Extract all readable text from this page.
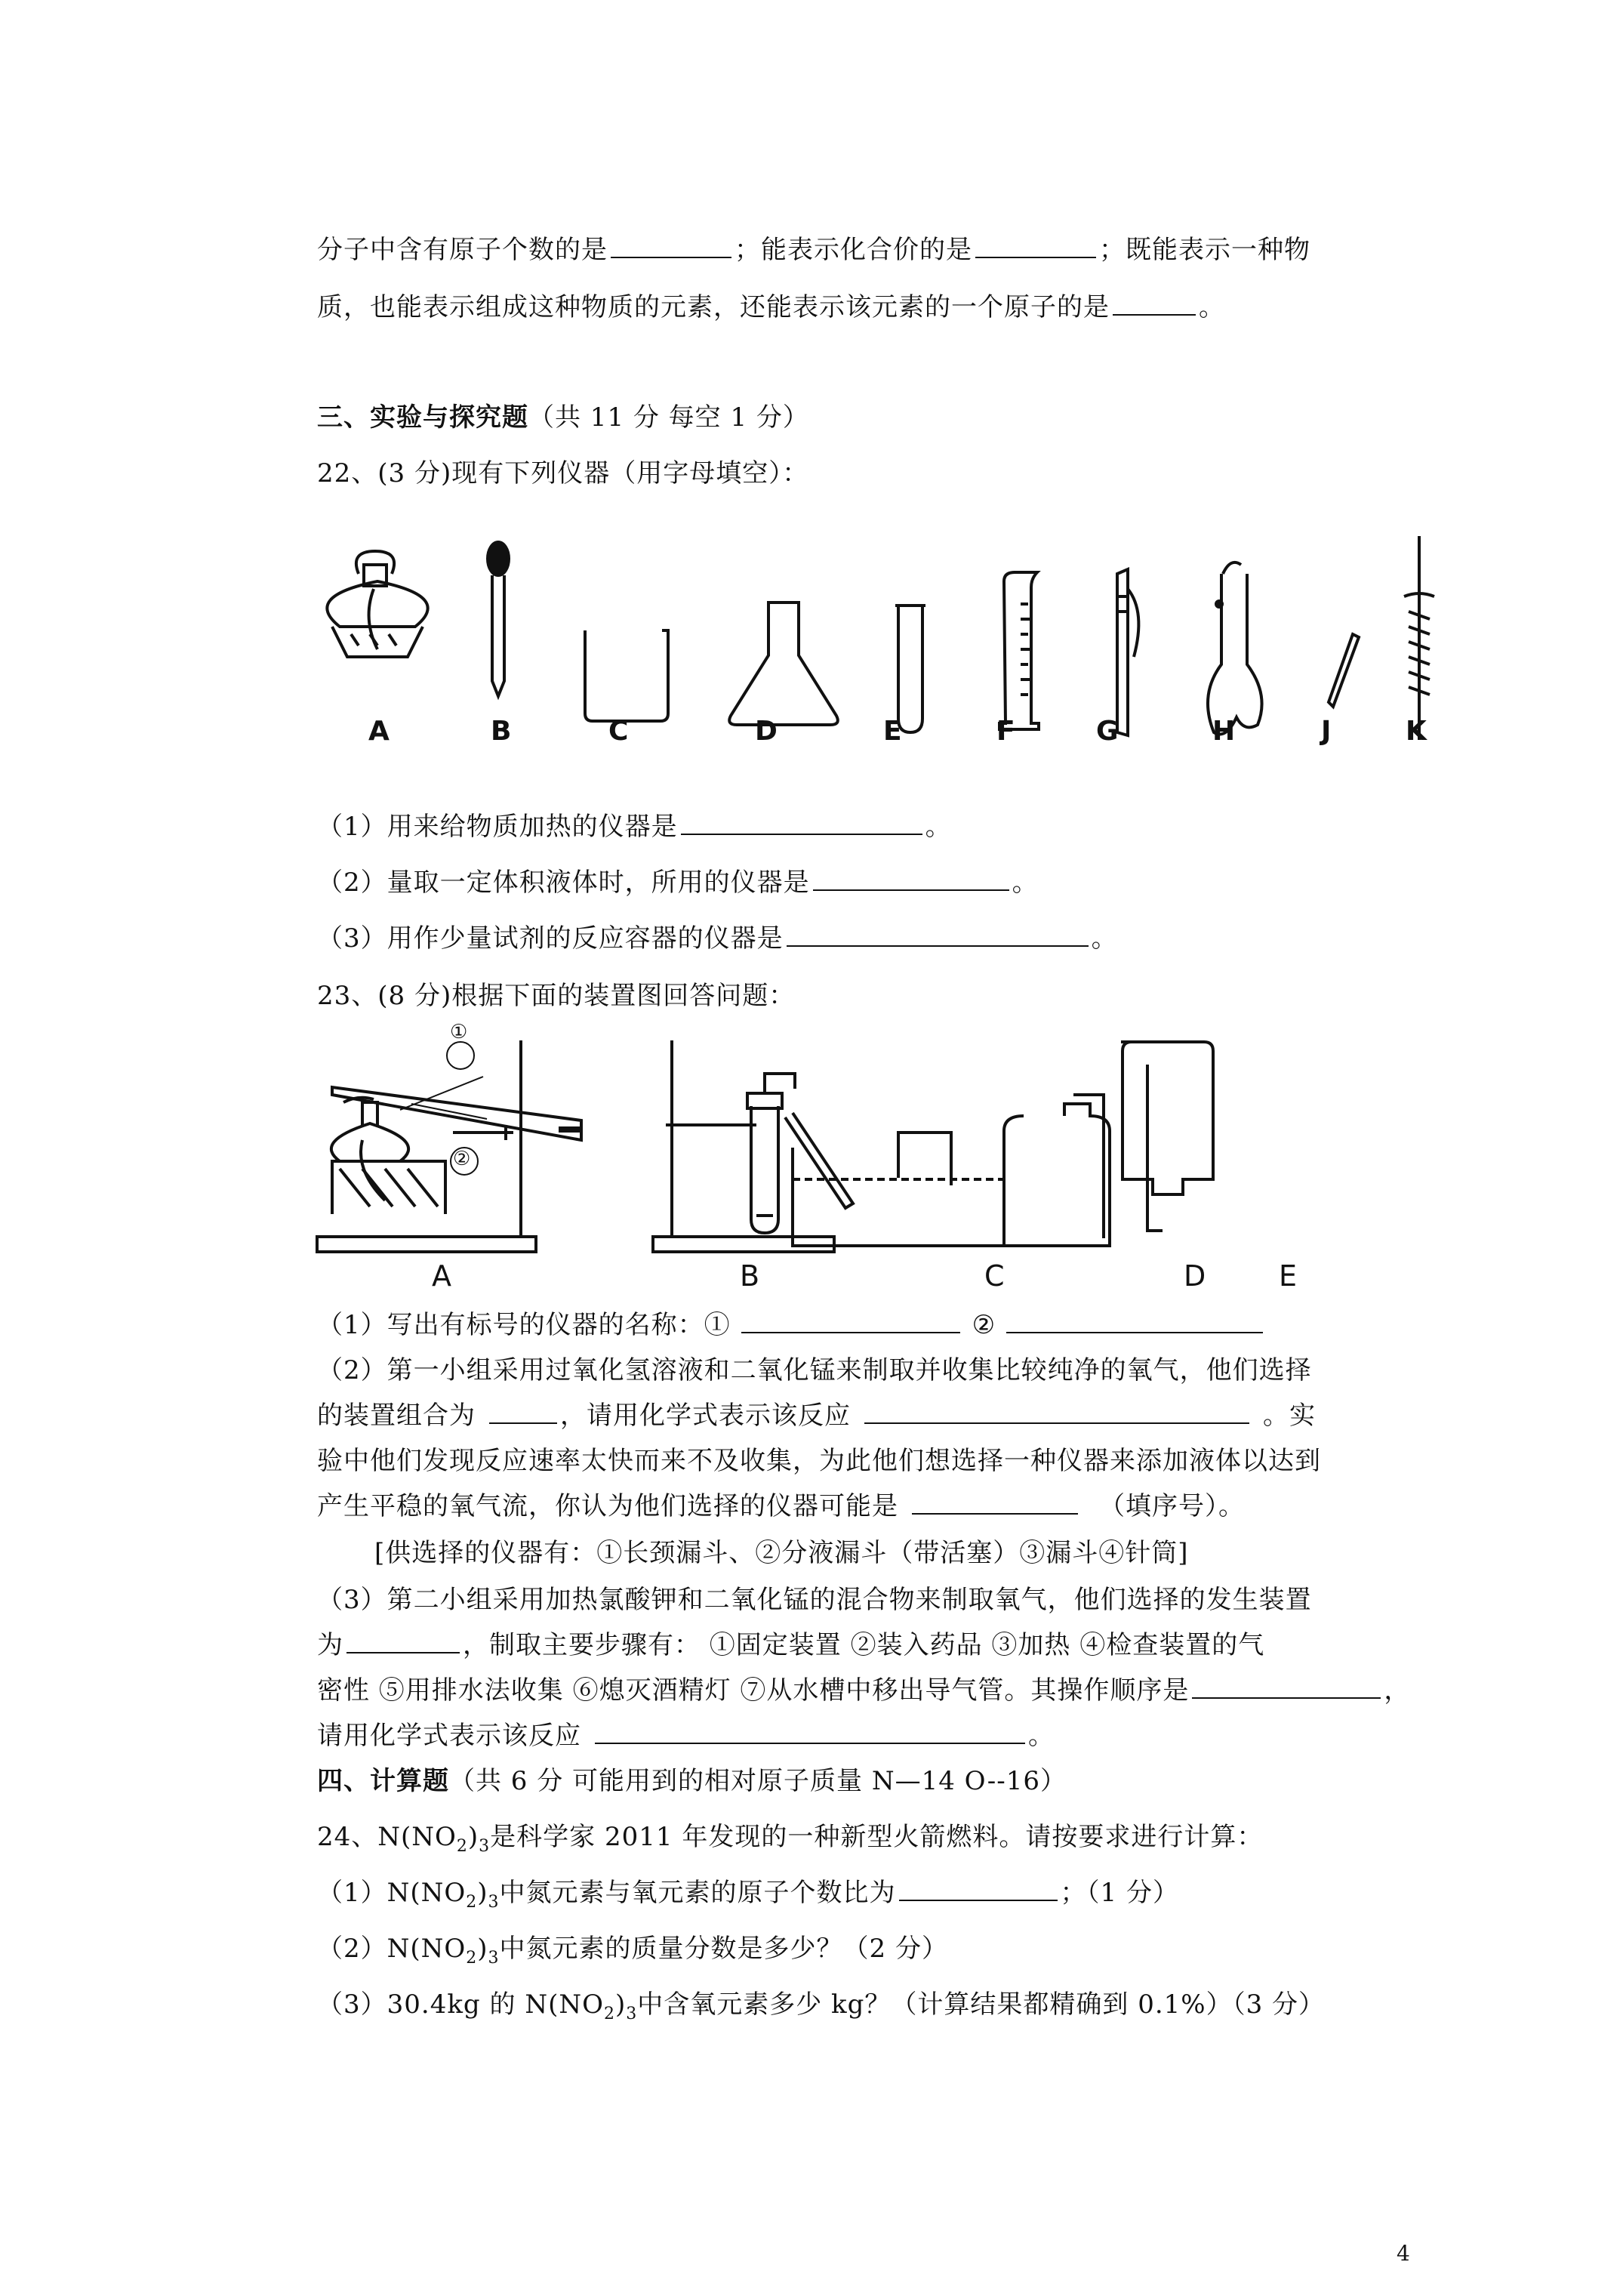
分子中含有原子个数的是	；能表示化合价的是	；既能表示一种物
质，也能表示组成这种物质的元素，还能表示该元素的一个原子的是	。
三、实验与探究题（共 11 分 每空 1 分）
22、(3 分)现有下列仪器（用字母填空）：
A	B	C	D	E	F	G	H	J	K
（1）用来给物质加热的仪器是	。
（2）量取一定体积液体时，所用的仪器是	。
（3）用作少量试剂的反应容器的仪器是	。
23、(8 分)根据下面的装置图回答问题：
①
②
A	B	C	D	E
（1）写出有标号的仪器的名称：①	②
（2）第一小组采用过氧化氢溶液和二氧化锰来制取并收集比较纯净的氧气，他们选择
的装置组合为	，请用化学式表示该反应	。实
验中他们发现反应速率太快而来不及收集，为此他们想选择一种仪器来添加液体以达到
产生平稳的氧气流，你认为他们选择的仪器可能是	（填序号）。
[供选择的仪器有：①长颈漏斗、②分液漏斗（带活塞）③漏斗④针筒]
（3）第二小组采用加热氯酸钾和二氧化锰的混合物来制取氧气，他们选择的发生装置
为	，制取主要步骤有： ①固定装置 ②装入药品 ③加热 ④检查装置的气
密性 ⑤用排水法收集 ⑥熄灭酒精灯 ⑦从水槽中移出导气管。其操作顺序是	，
请用化学式表示该反应	。
四、计算题（共 6 分 可能用到的相对原子质量 N—14 O--16）
24、$N(NO_2)_3$是科学家 2011 年发现的一种新型火箭燃料。请按要求进行计算：
$(1)N(NO_2)_3$中氮元素与氧元素的原子个数比为	；（1 分）
$(2)N(NO_2)_3$中氮元素的质量分数是多少？（2 分）
（3）30.4kg 的 $N(NO_2)_3$中含氧元素多少 kg？（计算结果都精确到 0.1%）（3 分）
4
